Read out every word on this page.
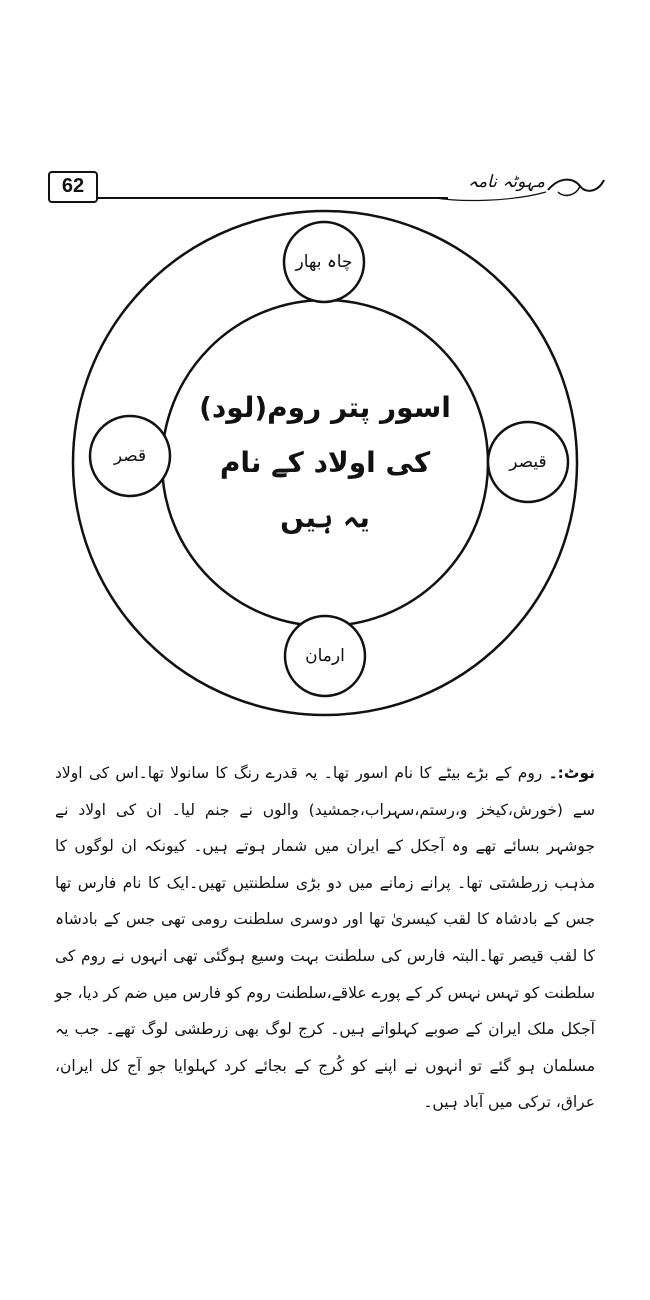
62	مہوٹہ نامہ
چاہ بھار
قیصر
ارمان
قصر
اسور پتر روم(لود)
کی اولاد کے نام
یہ ہیں
نوٹ:۔ روم کے بڑے بیٹے کا نام اسور تھا۔ یہ قدرے رنگ کا سانولا تھا۔اس کی اولاد سے (خورش،کیخز و،رستم،سہراب،جمشید) والوں نے جنم لیا۔ ان کی اولاد نے جوشہر بسائے تھے وہ آجکل کے ایران میں شمار ہوتے ہیں۔ کیونکہ ان لوگوں کا مذہب زرطشتی تھا۔ پرانے زمانے میں دو بڑی سلطنتیں تھیں۔ایک کا نام فارس تھا جس کے بادشاہ کا لقب کیسریٰ تھا اور دوسری سلطنت رومی تھی جس کے بادشاہ کا لقب قیصر تھا۔البتہ فارس کی سلطنت بہت وسیع ہوگئی تھی انہوں نے روم کی سلطنت کو تہس نہس کر کے پورے علاقے،سلطنت روم کو فارس میں ضم کر دیا، جو آجکل ملک ایران کے صوبے کہلواتے ہیں۔ کرج لوگ بھی زرطشی لوگ تھے۔ جب یہ مسلمان ہو گئے تو انہوں نے اپنے کو کُرج کے بجائے کرد کہلوایا جو آج کل ایران، عراق، ترکی میں آباد ہیں۔
